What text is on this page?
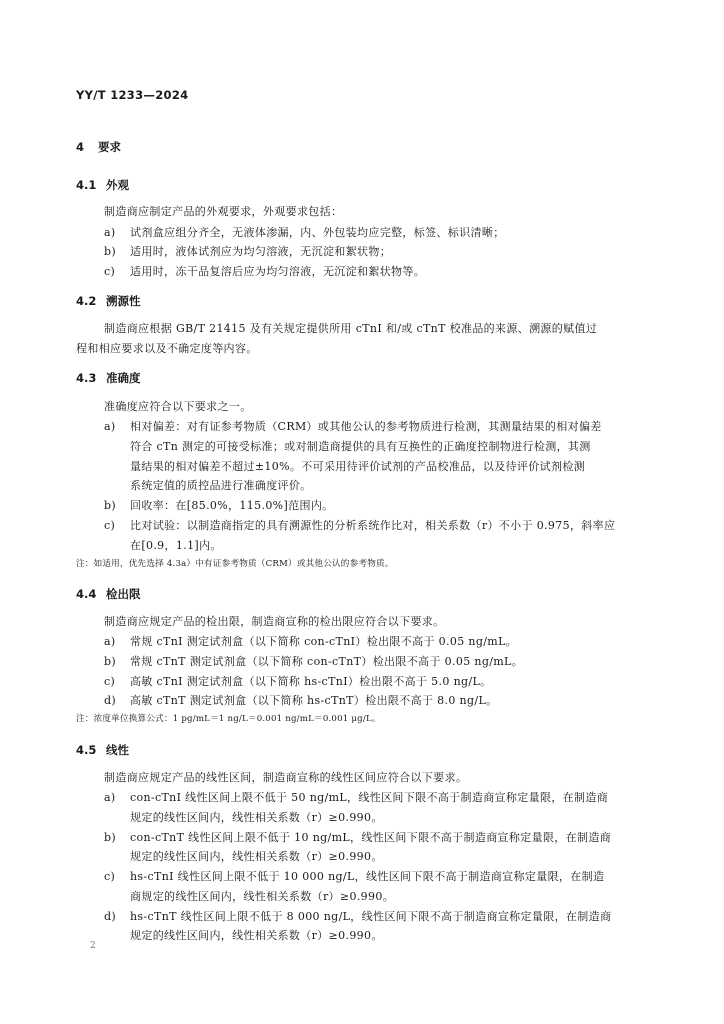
YY/T 1233—2024
4 要求
4.1 外观
制造商应制定产品的外观要求，外观要求包括：
a) 试剂盒应组分齐全，无液体渗漏，内、外包装均应完整，标签、标识清晰；
b) 适用时，液体试剂应为均匀溶液，无沉淀和絮状物；
c) 适用时，冻干品复溶后应为均匀溶液，无沉淀和絮状物等。
4.2 溯源性
制造商应根据 GB/T 21415 及有关规定提供所用 cTnI 和/或 cTnT 校准品的来源、溯源的赋值过
程和相应要求以及不确定度等内容。
4.3 准确度
准确度应符合以下要求之一。
a) 相对偏差：对有证参考物质（CRM）或其他公认的参考物质进行检测，其测量结果的相对偏差
符合 cTn 测定的可接受标准；或对制造商提供的具有互换性的正确度控制物进行检测，其测
量结果的相对偏差不超过±10%。不可采用待评价试剂的产品校准品，以及待评价试剂检测
系统定值的质控品进行准确度评价。
b) 回收率：在[85.0%，115.0%]范围内。
c) 比对试验：以制造商指定的具有溯源性的分析系统作比对，相关系数（r）不小于 0.975，斜率应
在[0.9，1.1]内。
注：如适用，优先选择 4.3a）中有证参考物质（CRM）或其他公认的参考物质。
4.4 检出限
制造商应规定产品的检出限，制造商宣称的检出限应符合以下要求。
a) 常规 cTnI 测定试剂盒（以下简称 con-cTnI）检出限不高于 0.05 ng/mL。
b) 常规 cTnT 测定试剂盒（以下简称 con-cTnT）检出限不高于 0.05 ng/mL。
c) 高敏 cTnI 测定试剂盒（以下简称 hs-cTnI）检出限不高于 5.0 ng/L。
d) 高敏 cTnT 测定试剂盒（以下简称 hs-cTnT）检出限不高于 8.0 ng/L。
注：浓度单位换算公式：1 pg/mL＝1 ng/L＝0.001 ng/mL＝0.001 μg/L。
4.5 线性
制造商应规定产品的线性区间，制造商宣称的线性区间应符合以下要求。
a) con-cTnI 线性区间上限不低于 50 ng/mL，线性区间下限不高于制造商宣称定量限，在制造商
规定的线性区间内，线性相关系数（r）≥0.990。
b) con-cTnT 线性区间上限不低于 10 ng/mL，线性区间下限不高于制造商宣称定量限，在制造商
规定的线性区间内，线性相关系数（r）≥0.990。
c) hs-cTnI 线性区间上限不低于 10 000 ng/L，线性区间下限不高于制造商宣称定量限，在制造
商规定的线性区间内，线性相关系数（r）≥0.990。
d) hs-cTnT 线性区间上限不低于 8 000 ng/L，线性区间下限不高于制造商宣称定量限，在制造商
规定的线性区间内，线性相关系数（r）≥0.990。
2
